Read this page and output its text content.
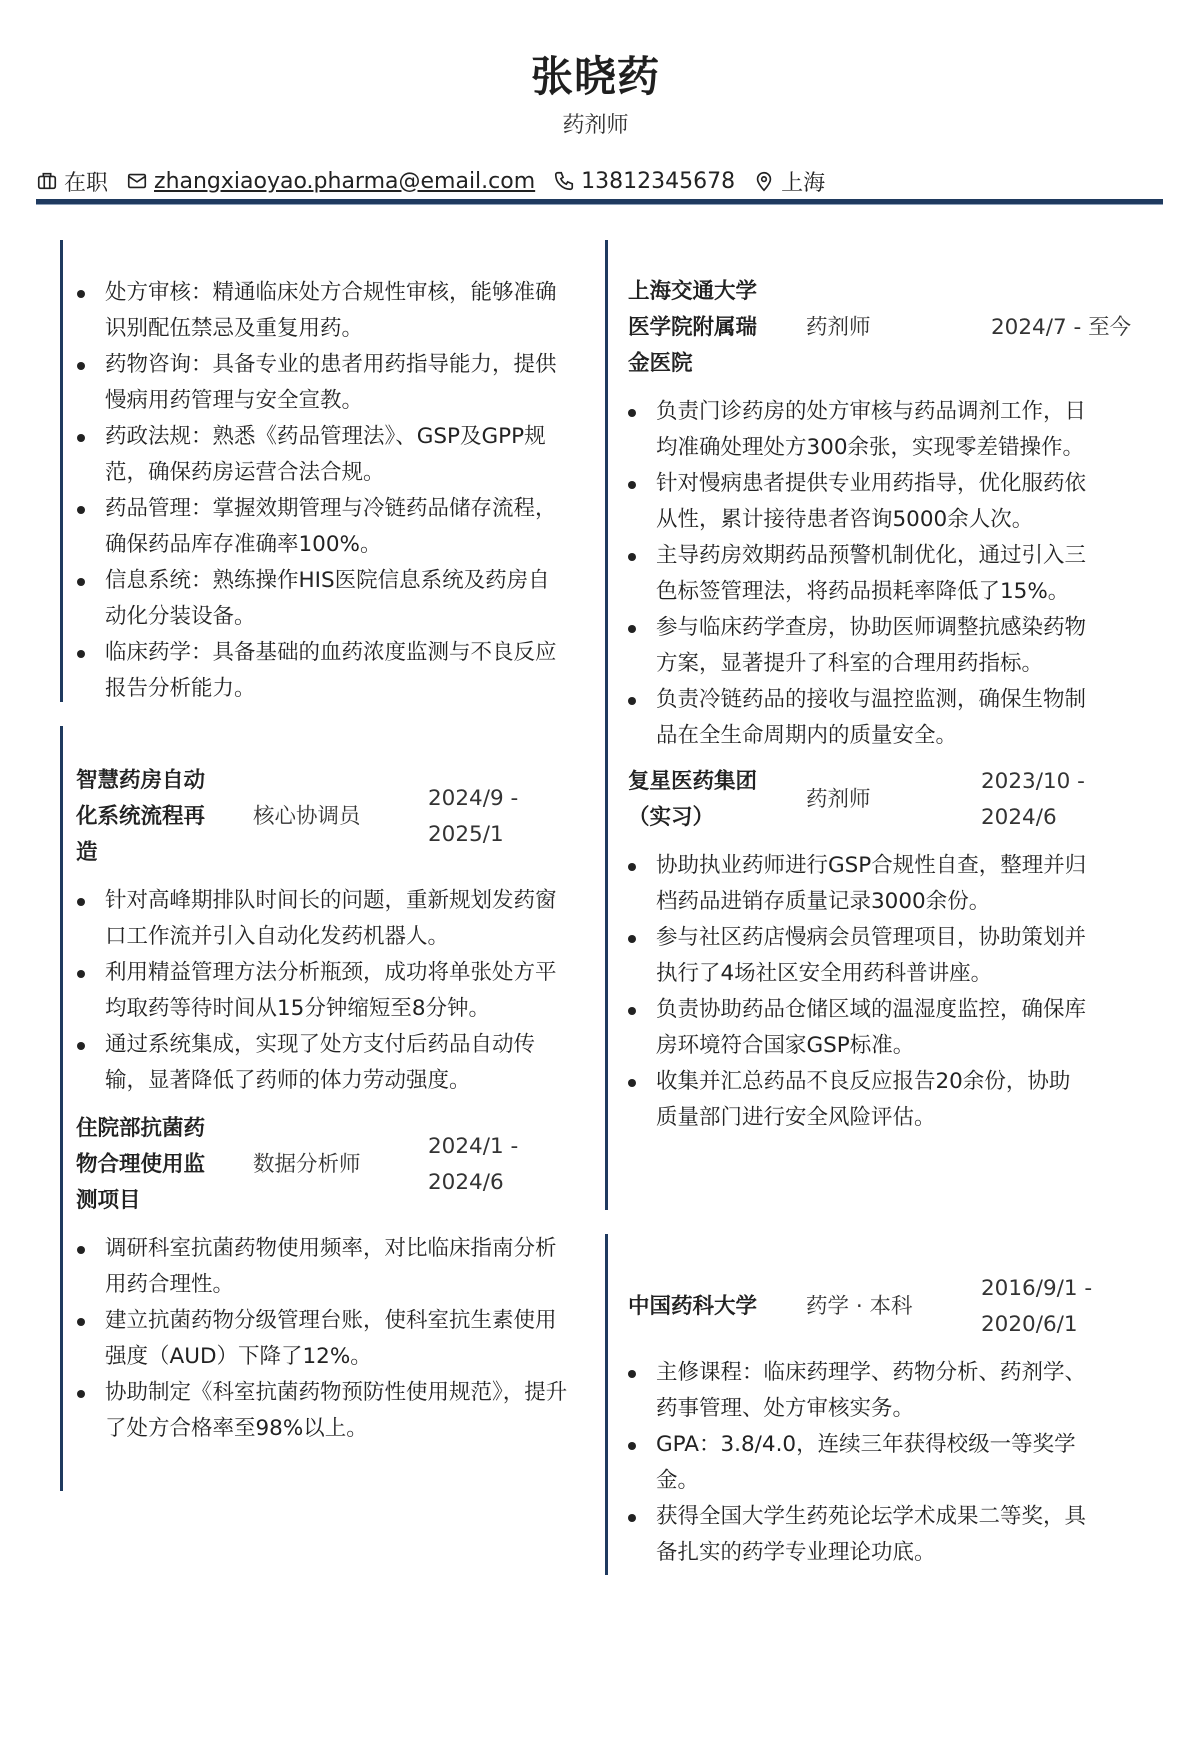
张晓药
药剂师
在职 zhangxiaoyao.pharma@email.com 13812345678 上海
处方审核：精通临床处方合规性审核，能够准确识别配伍禁忌及重复用药。
药物咨询：具备专业的患者用药指导能力，提供慢病用药管理与安全宣教。
药政法规：熟悉《药品管理法》、GSP及GPP规范，确保药房运营合法合规。
药品管理：掌握效期管理与冷链药品储存流程，确保药品库存准确率100%。
信息系统：熟练操作HIS医院信息系统及药房自动化分装设备。
临床药学：具备基础的血药浓度监测与不良反应报告分析能力。
智慧药房自动化系统流程再造
核心协调员
2024/9 -
2025/1
针对高峰期排队时间长的问题，重新规划发药窗口工作流并引入自动化发药机器人。
利用精益管理方法分析瓶颈，成功将单张处方平均取药等待时间从15分钟缩短至8分钟。
通过系统集成，实现了处方支付后药品自动传输，显著降低了药师的体力劳动强度。
住院部抗菌药物合理使用监测项目
数据分析师
2024/1 -
2024/6
调研科室抗菌药物使用频率，对比临床指南分析用药合理性。
建立抗菌药物分级管理台账，使科室抗生素使用强度（AUD）下降了12%。
协助制定《科室抗菌药物预防性使用规范》，提升了处方合格率至98%以上。
上海交通大学医学院附属瑞金医院
药剂师	2024/7 - 至今
负责门诊药房的处方审核与药品调剂工作，日均准确处理处方300余张，实现零差错操作。
针对慢病患者提供专业用药指导，优化服药依从性，累计接待患者咨询5000余人次。
主导药房效期药品预警机制优化，通过引入三色标签管理法，将药品损耗率降低了15%。
参与临床药学查房，协助医师调整抗感染药物方案，显著提升了科室的合理用药指标。
负责冷链药品的接收与温控监测，确保生物制品在全生命周期内的质量安全。
复星医药集团（实习）
药剂师
2023/10 -
2024/6
协助执业药师进行GSP合规性自查，整理并归档药品进销存质量记录3000余份。
参与社区药店慢病会员管理项目，协助策划并执行了4场社区安全用药科普讲座。
负责协助药品仓储区域的温湿度监控，确保库房环境符合国家GSP标准。
收集并汇总药品不良反应报告20余份，协助质量部门进行安全风险评估。
中国药科大学 药学 · 本科
2016/9/1 -
2020/6/1
主修课程：临床药理学、药物分析、药剂学、药事管理、处方审核实务。
GPA：3.8/4.0，连续三年获得校级一等奖学金。
获得全国大学生药苑论坛学术成果二等奖，具备扎实的药学专业理论功底。
